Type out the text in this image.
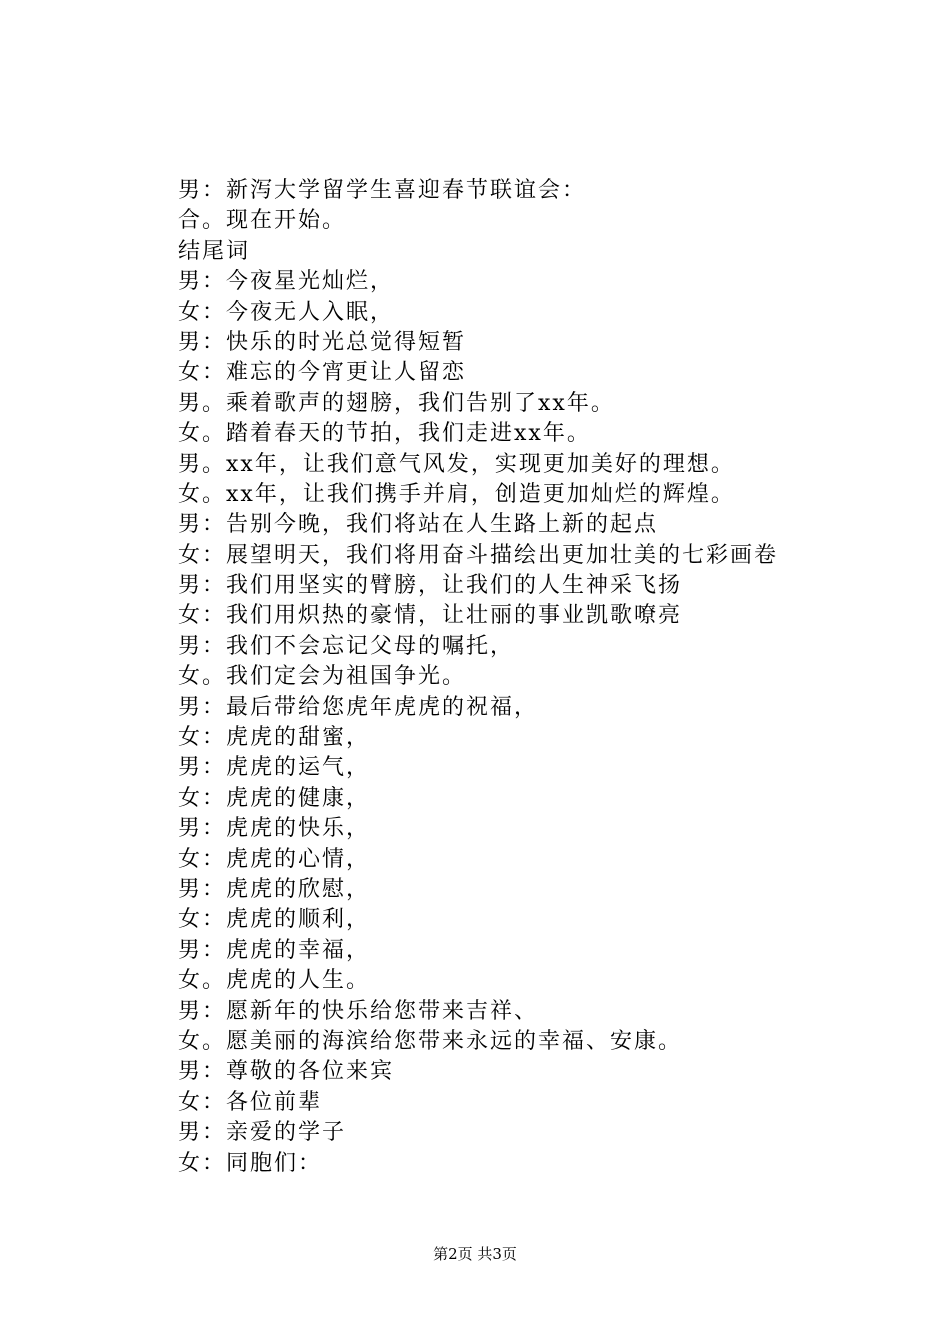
男：新泻大学留学生喜迎春节联谊会：
合。现在开始。
结尾词
男：今夜星光灿烂，
女：今夜无人入眠，
男：快乐的时光总觉得短暂
女：难忘的今宵更让人留恋
男。乘着歌声的翅膀，我们告别了xx年。
女。踏着春天的节拍，我们走进xx年。
男。xx年，让我们意气风发，实现更加美好的理想。
女。xx年，让我们携手并肩，创造更加灿烂的辉煌。
男：告别今晚，我们将站在人生路上新的起点
女：展望明天，我们将用奋斗描绘出更加壮美的七彩画卷
男：我们用坚实的臂膀，让我们的人生神采飞扬
女：我们用炽热的豪情，让壮丽的事业凯歌嘹亮
男：我们不会忘记父母的嘱托，
女。我们定会为祖国争光。
男：最后带给您虎年虎虎的祝福，
女：虎虎的甜蜜，
男：虎虎的运气，
女：虎虎的健康，
男：虎虎的快乐，
女：虎虎的心情，
男：虎虎的欣慰，
女：虎虎的顺利，
男：虎虎的幸福，
女。虎虎的人生。
男：愿新年的快乐给您带来吉祥、
女。愿美丽的海滨给您带来永远的幸福、安康。
男：尊敬的各位来宾
女：各位前辈
男：亲爱的学子
女：同胞们：
第2页 共3页
